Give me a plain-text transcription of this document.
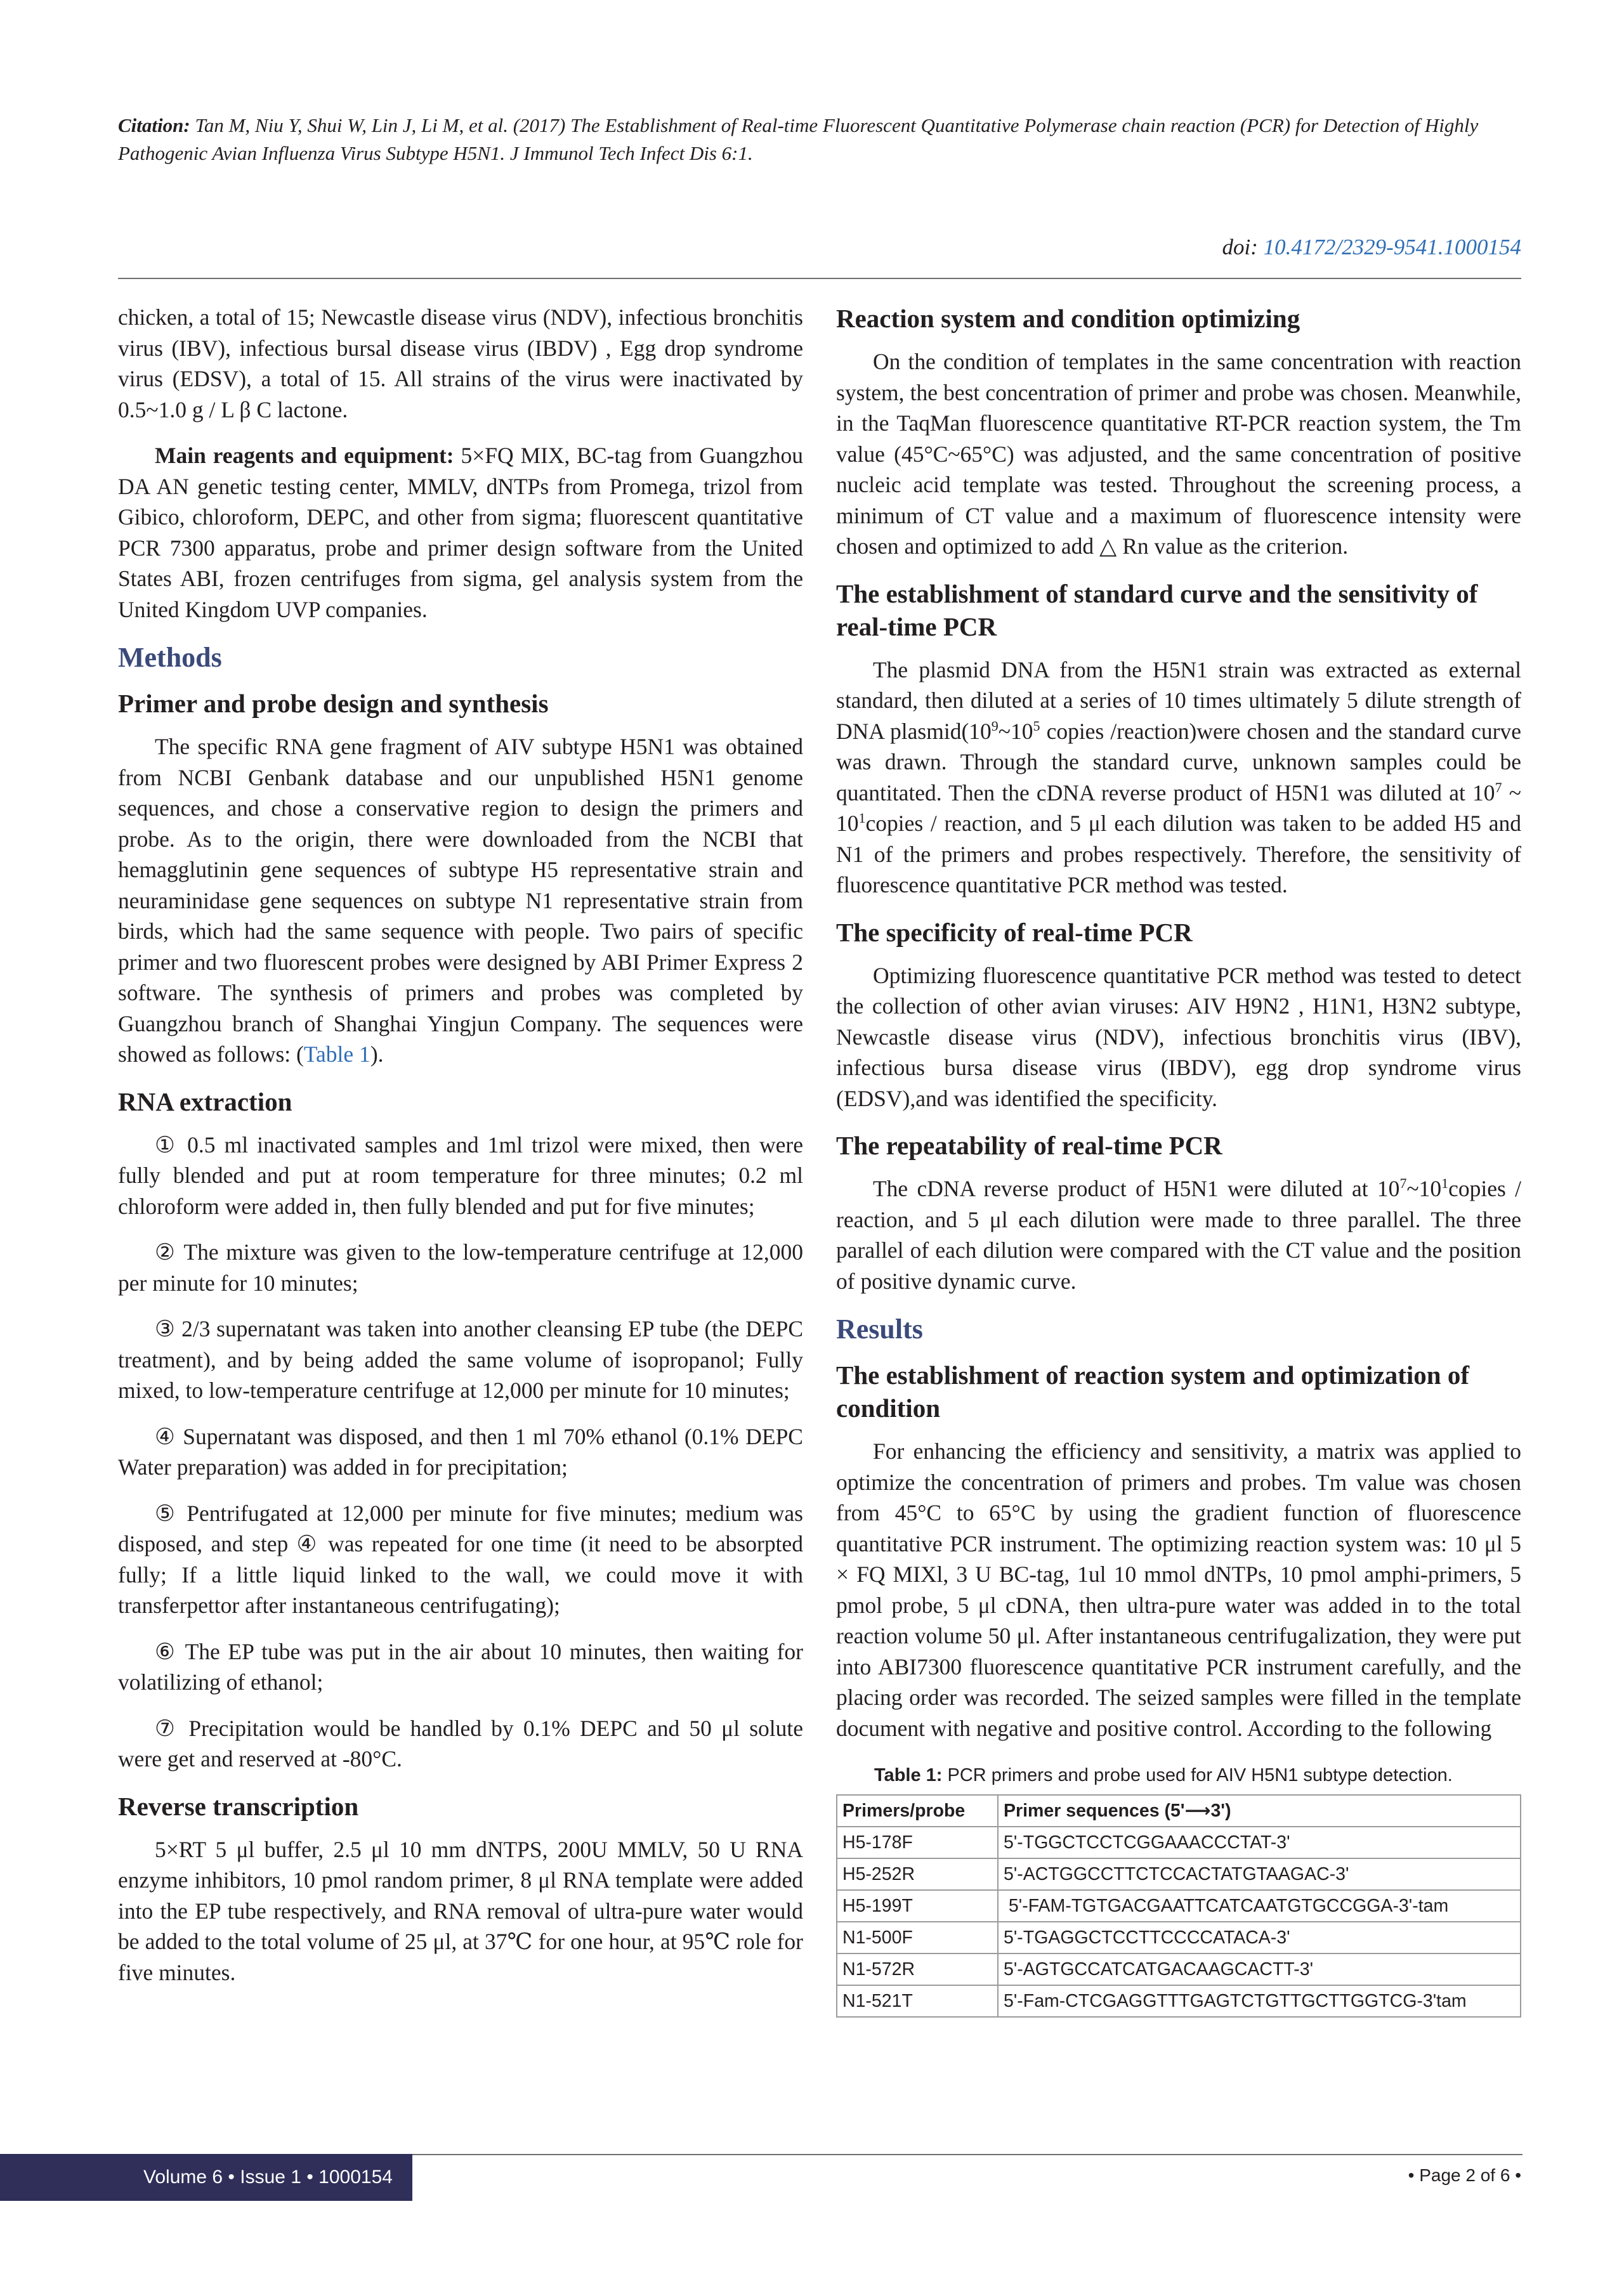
Citation: Tan M, Niu Y, Shui W, Lin J, Li M, et al. (2017) The Establishment of Real-time Fluorescent Quantitative Polymerase chain reaction (PCR) for Detection of Highly Pathogenic Avian Influenza Virus Subtype H5N1. J Immunol Tech Infect Dis 6:1.
doi: 10.4172/2329-9541.1000154

chicken, a total of 15; Newcastle disease virus (NDV), infectious bronchitis virus (IBV), infectious bursal disease virus (IBDV) , Egg drop syndrome virus (EDSV), a total of 15. All strains of the virus were inactivated by 0.5~1.0 g / L β C lactone.

Main reagents and equipment: 5×FQ MIX, BC-tag from Guangzhou DA AN genetic testing center, MMLV, dNTPs from Promega, trizol from Gibico, chloroform, DEPC, and other from sigma; fluorescent quantitative PCR 7300 apparatus, probe and primer design software from the United States ABI, frozen centrifuges from sigma, gel analysis system from the United Kingdom UVP companies.

Methods
Primer and probe design and synthesis

The specific RNA gene fragment of AIV subtype H5N1 was obtained from NCBI Genbank database and our unpublished H5N1 genome sequences, and chose a conservative region to design the primers and probe. As to the origin, there were downloaded from the NCBI that hemagglutinin gene sequences of subtype H5 representative strain and neuraminidase gene sequences on subtype N1 representative strain from birds, which had the same sequence with people. Two pairs of specific primer and two fluorescent probes were designed by ABI Primer Express 2 software. The synthesis of primers and probes was completed by Guangzhou branch of Shanghai Yingjun Company. The sequences were showed as follows: (Table 1).

RNA extraction

① 0.5 ml inactivated samples and 1ml trizol were mixed, then were fully blended and put at room temperature for three minutes; 0.2 ml chloroform were added in, then fully blended and put for five minutes;

② The mixture was given to the low-temperature centrifuge at 12,000 per minute for 10 minutes;

③ 2/3 supernatant was taken into another cleansing EP tube (the DEPC treatment), and by being added the same volume of isopropanol; Fully mixed, to low-temperature centrifuge at 12,000 per minute for 10 minutes;

④ Supernatant was disposed, and then 1 ml 70% ethanol (0.1% DEPC Water preparation) was added in for precipitation;

⑤ Pentrifugated at 12,000 per minute for five minutes; medium was disposed, and step ④ was repeated for one time (it need to be absorpted fully; If a little liquid linked to the wall, we could move it with transferpettor after instantaneous centrifugating);

⑥ The EP tube was put in the air about 10 minutes, then waiting for volatilizing of ethanol;

⑦ Precipitation would be handled by 0.1% DEPC and 50 μl solute were get and reserved at -80°C.

Reverse transcription

5×RT 5 μl buffer, 2.5 μl 10 mm dNTPS, 200U MMLV, 50 U RNA enzyme inhibitors, 10 pmol random primer, 8 μl RNA template were added into the EP tube respectively, and RNA removal of ultra-pure water would be added to the total volume of 25 μl, at 37℃ for one hour, at 95℃ role for five minutes.

Reaction system and condition optimizing

On the condition of templates in the same concentration with reaction system, the best concentration of primer and probe was chosen. Meanwhile, in the TaqMan fluorescence quantitative RT-PCR reaction system, the Tm value (45°C~65°C) was adjusted, and the same concentration of positive nucleic acid template was tested. Throughout the screening process, a minimum of CT value and a maximum of fluorescence intensity were chosen and optimized to add △ Rn value as the criterion.

The establishment of standard curve and the sensitivity of real-time PCR

The plasmid DNA from the H5N1 strain was extracted as external standard, then diluted at a series of 10 times ultimately 5 dilute strength of DNA $plasmid(10^9\sim 10^5$ copies /reaction)were chosen and the standard curve was drawn. Through the standard curve, unknown samples could be quantitated. Then the cDNA reverse product of H5N1 was diluted at $10^7$ ~ $10^1copies$ / reaction, and 5 μl each dilution was taken to be added H5 and N1 of the primers and probes respectively. Therefore, the sensitivity of fluorescence quantitative PCR method was tested.

The specificity of real-time PCR

Optimizing fluorescence quantitative PCR method was tested to detect the collection of other avian viruses: AIV H9N2 , H1N1, H3N2 subtype, Newcastle disease virus (NDV), infectious bronchitis virus (IBV), infectious bursa disease virus (IBDV), egg drop syndrome virus (EDSV),and was identified the specificity.

The repeatability of real-time PCR

The cDNA reverse product of H5N1 were diluted at $10^7\sim 10^1copies$ / reaction, and 5 μl each dilution were made to three parallel. The three parallel of each dilution were compared with the CT value and the position of positive dynamic curve.

Results
The establishment of reaction system and optimization of condition

For enhancing the efficiency and sensitivity, a matrix was applied to optimize the concentration of primers and probes. Tm value was chosen from 45°C to 65°C by using the gradient function of fluorescence quantitative PCR instrument. The optimizing reaction system was: 10 μl 5 × FQ MIXl, 3 U BC-tag, 1ul 10 mmol dNTPs, 10 pmol amphi-primers, 5 pmol probe, 5 μl cDNA, then ultra-pure water was added in to the total reaction volume 50 μl. After instantaneous centrifugalization, they were put into ABI7300 fluorescence quantitative PCR instrument carefully, and the placing order was recorded. The seized samples were filled in the template document with negative and positive control. According to the following

Table 1: PCR primers and probe used for AIV H5N1 subtype detection.
Primers/probe	Primer sequences (5'⟶3')
H5-178F	5'-TGGCTCCTCGGAAACCCTAT-3'
H5-252R	5'-ACTGGCCTTCTCCACTATGTAAGAC-3'
H5-199T	5'-FAM-TGTGACGAATTCATCAATGTGCCGGA-3'-tam
N1-500F	5'-TGAGGCTCCTTCCCCATACA-3'
N1-572R	5'-AGTGCCATCATGACAAGCACTT-3'
N1-521T	5'-Fam-CTCGAGGTTTGAGTCTGTTGCTTGGTCG-3'tam
Volume 6 • Issue 1 • 1000154	• Page 2 of 6 •
